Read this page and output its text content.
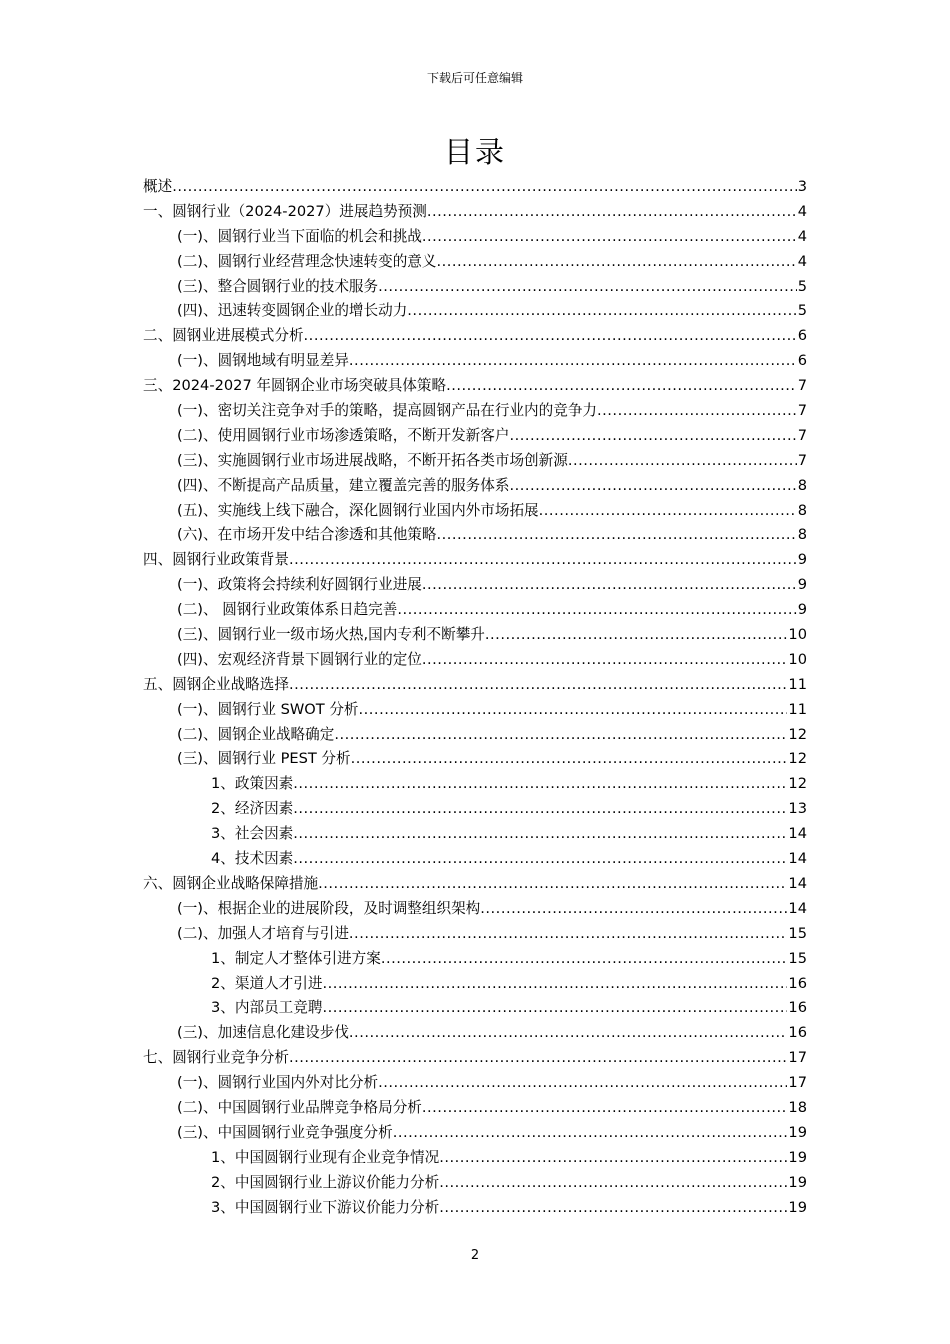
下载后可任意编辑
目录
概述 .....	3
一、圆钢行业（2024-2027）进展趋势预测 .....	4
(一)、圆钢行业当下面临的机会和挑战 .....	4
(二)、圆钢行业经营理念快速转变的意义 .....	4
(三)、整合圆钢行业的技术服务 .....	5
(四)、迅速转变圆钢企业的增长动力 .....	5
二、圆钢业进展模式分析 .....	6
(一)、圆钢地域有明显差异 .....	6
三、2024-2027 年圆钢企业市场突破具体策略 .....	7
(一)、密切关注竞争对手的策略，提高圆钢产品在行业内的竞争力 .....	7
(二)、使用圆钢行业市场渗透策略，不断开发新客户 .....	7
(三)、实施圆钢行业市场进展战略，不断开拓各类市场创新源 .....	7
(四)、不断提高产品质量，建立覆盖完善的服务体系 .....	8
(五)、实施线上线下融合，深化圆钢行业国内外市场拓展 .....	8
(六)、在市场开发中结合渗透和其他策略 .....	8
四、圆钢行业政策背景 .....	9
(一)、政策将会持续利好圆钢行业进展 .....	9
(二)、 圆钢行业政策体系日趋完善 .....	9
(三)、圆钢行业一级市场火热,国内专利不断攀升 .....	10
(四)、宏观经济背景下圆钢行业的定位 .....	10
五、圆钢企业战略选择 .....	11
(一)、圆钢行业 SWOT 分析 .....	11
(二)、圆钢企业战略确定 .....	12
(三)、圆钢行业 PEST 分析 .....	12
1、政策因素 .....	12
2、经济因素 .....	13
3、社会因素 .....	14
4、技术因素 .....	14
六、圆钢企业战略保障措施 .....	14
(一)、根据企业的进展阶段，及时调整组织架构 .....	14
(二)、加强人才培育与引进 .....	15
1、制定人才整体引进方案 .....	15
2、渠道人才引进 .....	16
3、内部员工竞聘 .....	16
(三)、加速信息化建设步伐 .....	16
七、圆钢行业竞争分析 .....	17
(一)、圆钢行业国内外对比分析 .....	17
(二)、中国圆钢行业品牌竞争格局分析 .....	18
(三)、中国圆钢行业竞争强度分析 .....	19
1、中国圆钢行业现有企业竞争情况 .....	19
2、中国圆钢行业上游议价能力分析 .....	19
3、中国圆钢行业下游议价能力分析 .....	19
2
